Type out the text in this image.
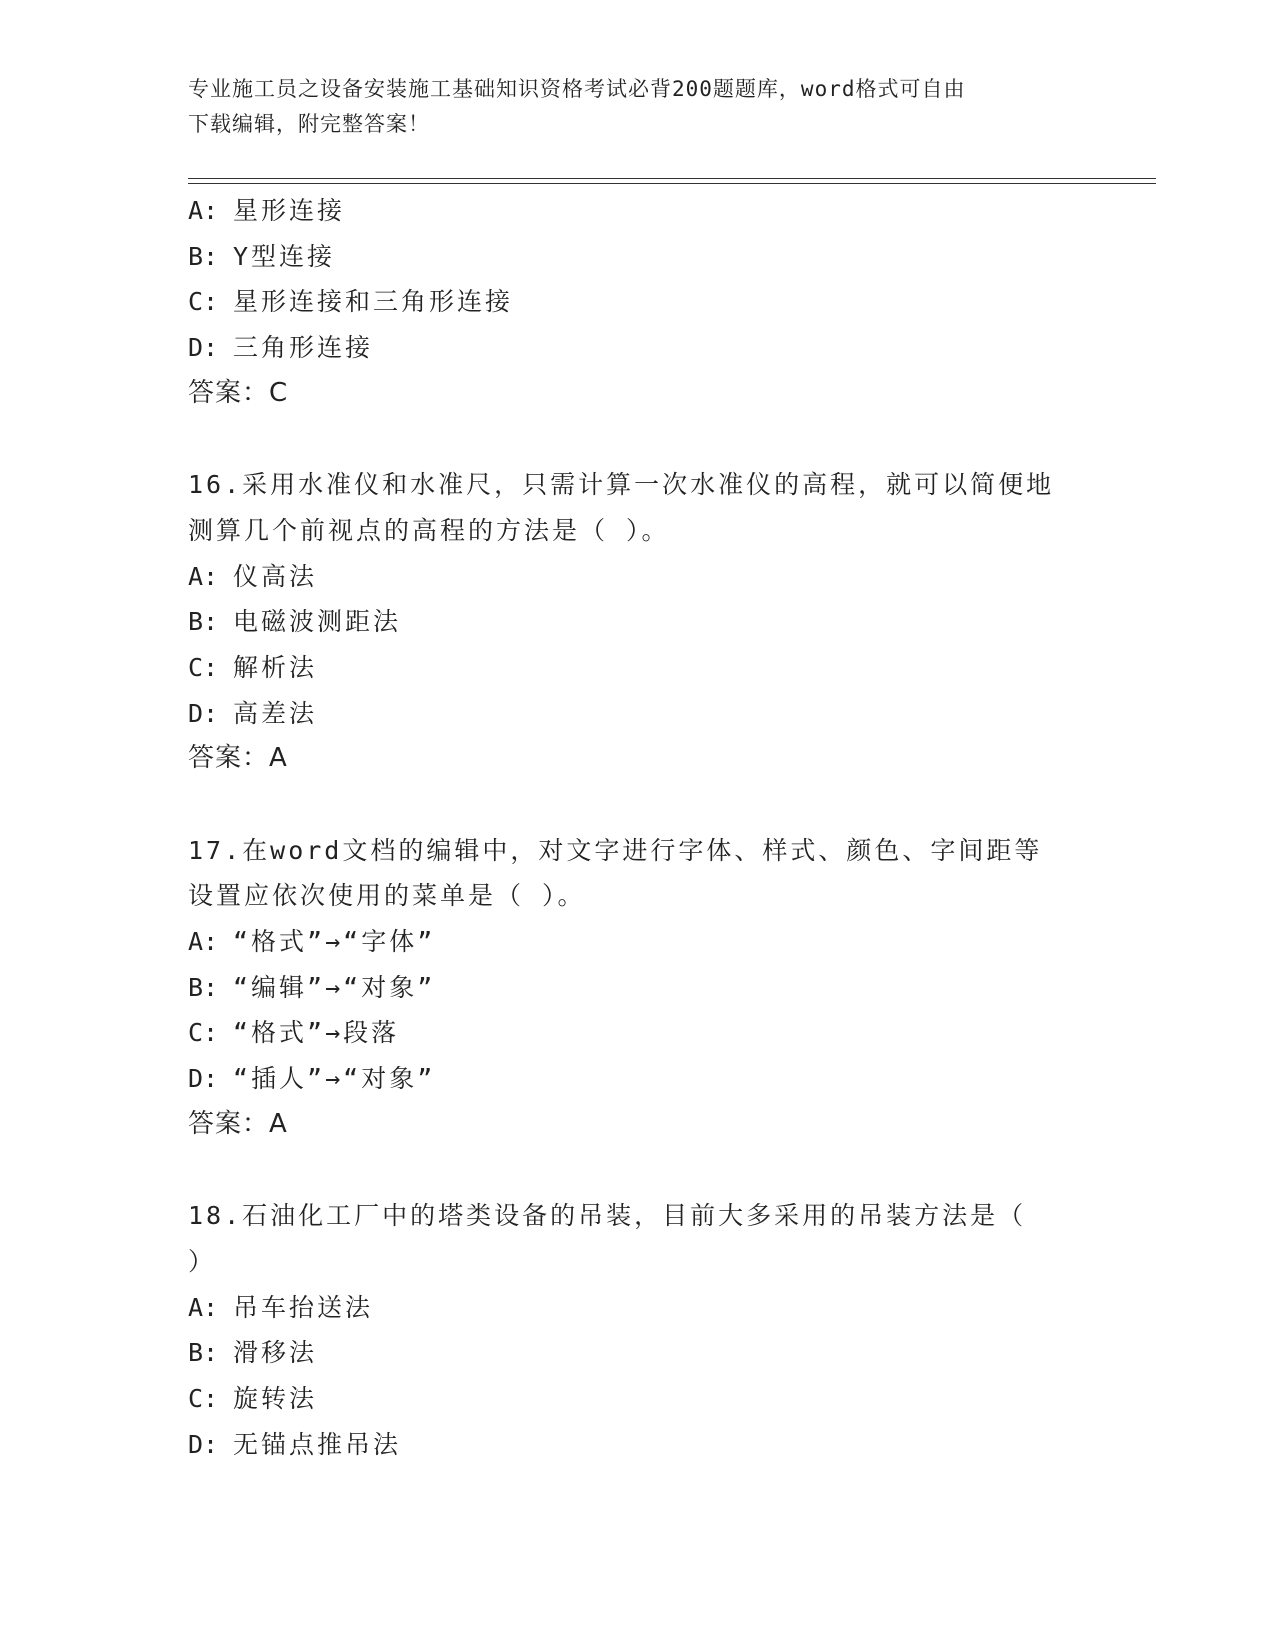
专业施工员之设备安装施工基础知识资格考试必背200题题库，word格式可自由
下载编辑，附完整答案！
A: 星形连接
B: Y型连接
C: 星形连接和三角形连接
D: 三角形连接
答案：C
16.采用水准仪和水准尺，只需计算一次水准仪的高程，就可以简便地
测算几个前视点的高程的方法是（ ）。
A: 仪高法
B: 电磁波测距法
C: 解析法
D: 高差法
答案：A
17.在word文档的编辑中，对文字进行字体、样式、颜色、字间距等
设置应依次使用的菜单是（ ）。
A: “格式”→“字体”
B: “编辑”→“对象”
C: “格式”→段落
D: “插人”→“对象”
答案：A
18.石油化工厂中的塔类设备的吊装，目前大多采用的吊装方法是（
）
A: 吊车抬送法
B: 滑移法
C: 旋转法
D: 无锚点推吊法
